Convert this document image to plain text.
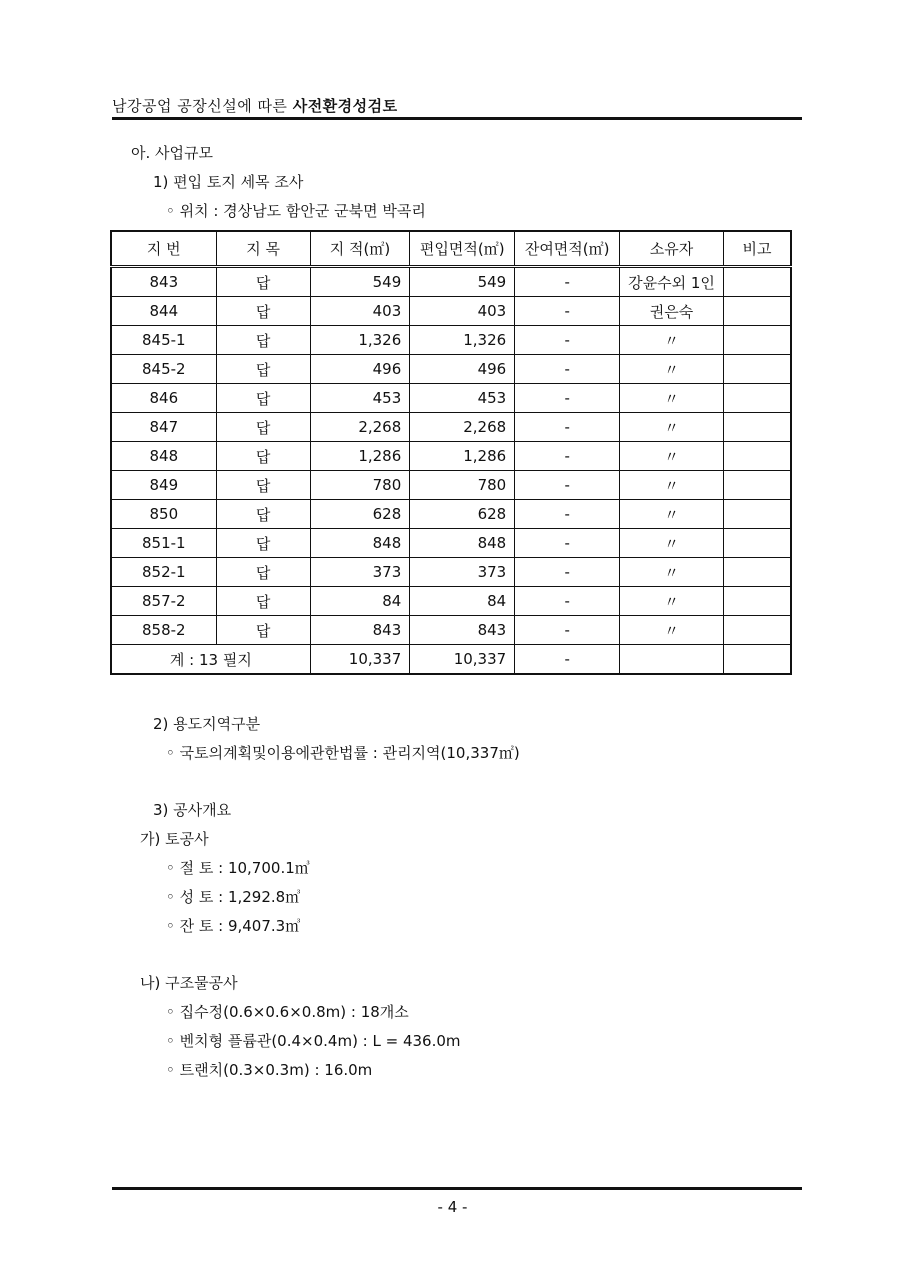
남강공업 공장신설에 따른 사전환경성검토
아. 사업규모
1) 편입 토지 세목 조사
◦ 위치 : 경상남도 함안군 군북면 박곡리
지 번	지 목	지 적(㎡)	편입면적(㎡)	잔여면적(㎡)	소유자	비고
843	답	549	549	-	강윤수외 1인	
844	답	403	403	-	권은숙	
845-1	답	1,326	1,326	-	〃	
845-2	답	496	496	-	〃	
846	답	453	453	-	〃	
847	답	2,268	2,268	-	〃	
848	답	1,286	1,286	-	〃	
849	답	780	780	-	〃	
850	답	628	628	-	〃	
851-1	답	848	848	-	〃	
852-1	답	373	373	-	〃	
857-2	답	84	84	-	〃	
858-2	답	843	843	-	〃	
계 : 13 필지		10,337	10,337	-		
2) 용도지역구분
◦ 국토의계획및이용에관한법률 : 관리지역(10,337㎡)
3) 공사개요
가) 토공사
◦ 절 토 : 10,700.1㎥
◦ 성 토 : 1,292.8㎥
◦ 잔 토 : 9,407.3㎥
나) 구조물공사
◦ 집수정(0.6×0.6×0.8m) : 18개소
◦ 벤치형 플륨관(0.4×0.4m) : L = 436.0m
◦ 트랜치(0.3×0.3m) : 16.0m
- 4 -
